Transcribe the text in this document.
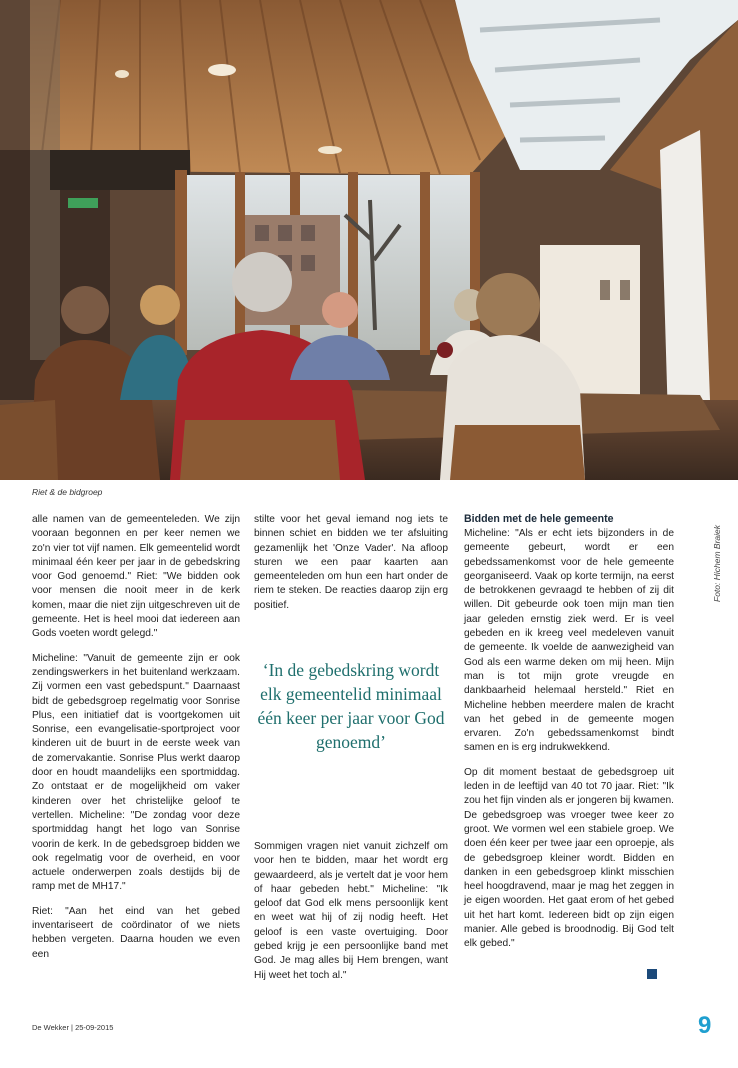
Riet & de bidgroep
Foto: Hichem Braiek

alle namen van de gemeenteleden. We zijn vooraan begonnen en per keer nemen we zo'n vier tot vijf namen. Elk gemeentelid wordt minimaal één keer per jaar in de gebedskring voor God genoemd." Riet: "We bidden ook voor mensen die nooit meer in de kerk komen, maar die niet zijn uitgeschreven uit de gemeente. Het is heel mooi dat iedereen aan Gods voeten wordt gelegd."

Micheline: "Vanuit de gemeente zijn er ook zendingswerkers in het buitenland werkzaam. Zij vormen een vast gebedspunt." Daarnaast bidt de gebedsgroep regelmatig voor Sonrise Plus, een initiatief dat is voortgekomen uit Sonrise, een evangelisatie-sportproject voor kinderen uit de buurt in de eerste week van de zomervakantie. Sonrise Plus werkt daarop door en houdt maandelijks een sportmiddag. Zo ontstaat er de mogelijkheid om vaker kinderen over het christelijke geloof te vertellen. Micheline: "De zondag voor deze sportmiddag hangt het logo van Sonrise voorin de kerk. In de gebedsgroep bidden we ook regelmatig voor de overheid, en voor actuele onderwerpen zoals destijds bij de ramp met de MH17."

Riet: "Aan het eind van het gebed inventariseert de coördinator of we niets hebben vergeten. Daarna houden we even een

stilte voor het geval iemand nog iets te binnen schiet en bidden we ter afsluiting gezamenlijk het 'Onze Vader'. Na afloop sturen we een paar kaarten aan gemeenteleden om hun een hart onder de riem te steken. De reacties daarop zijn erg positief.

‘In de gebedskring wordt elk gemeentelid minimaal één keer per jaar voor God genoemd’

Sommigen vragen niet vanuit zichzelf om voor hen te bidden, maar het wordt erg gewaardeerd, als je vertelt dat je voor hem of haar gebeden hebt." Micheline: "Ik geloof dat God elk mens persoonlijk kent en weet wat hij of zij nodig heeft. Het geloof is een vaste overtuiging. Door gebed krijg je een persoonlijke band met God. Je mag alles bij Hem brengen, want Hij weet het toch al."

Bidden met de hele gemeente

Micheline: "Als er echt iets bijzonders in de gemeente gebeurt, wordt er een gebedssamenkomst voor de hele gemeente georganiseerd. Vaak op korte termijn, na eerst de betrokkenen gevraagd te hebben of zij dit willen. Dit gebeurde ook toen mijn man tien jaar geleden ernstig ziek werd. Er is veel gebeden en ik kreeg veel medeleven vanuit de gemeente. Ik voelde de aanwezigheid van God als een warme deken om mij heen. Mijn man is tot mijn grote vreugde en dankbaarheid helemaal hersteld." Riet en Micheline hebben meerdere malen de kracht van het gebed in de gemeente mogen ervaren. Zo'n gebedssamenkomst bindt samen en is erg indrukwekkend.

Op dit moment bestaat de gebedsgroep uit leden in de leeftijd van 40 tot 70 jaar. Riet: "Ik zou het fijn vinden als er jongeren bij kwamen. De gebedsgroep was vroeger twee keer zo groot. We vormen wel een stabiele groep. We doen één keer per twee jaar een oproepje, als de gebedsgroep kleiner wordt. Bidden en danken in een gebedsgroep klinkt misschien heel hoogdravend, maar je mag het zeggen in je eigen woorden. Het gaat erom of het gebed uit het hart komt. Iedereen bidt op zijn eigen manier. Alle gebed is broodnodig. Bij God telt elk gebed."

De Wekker | 25-09-2015	9
